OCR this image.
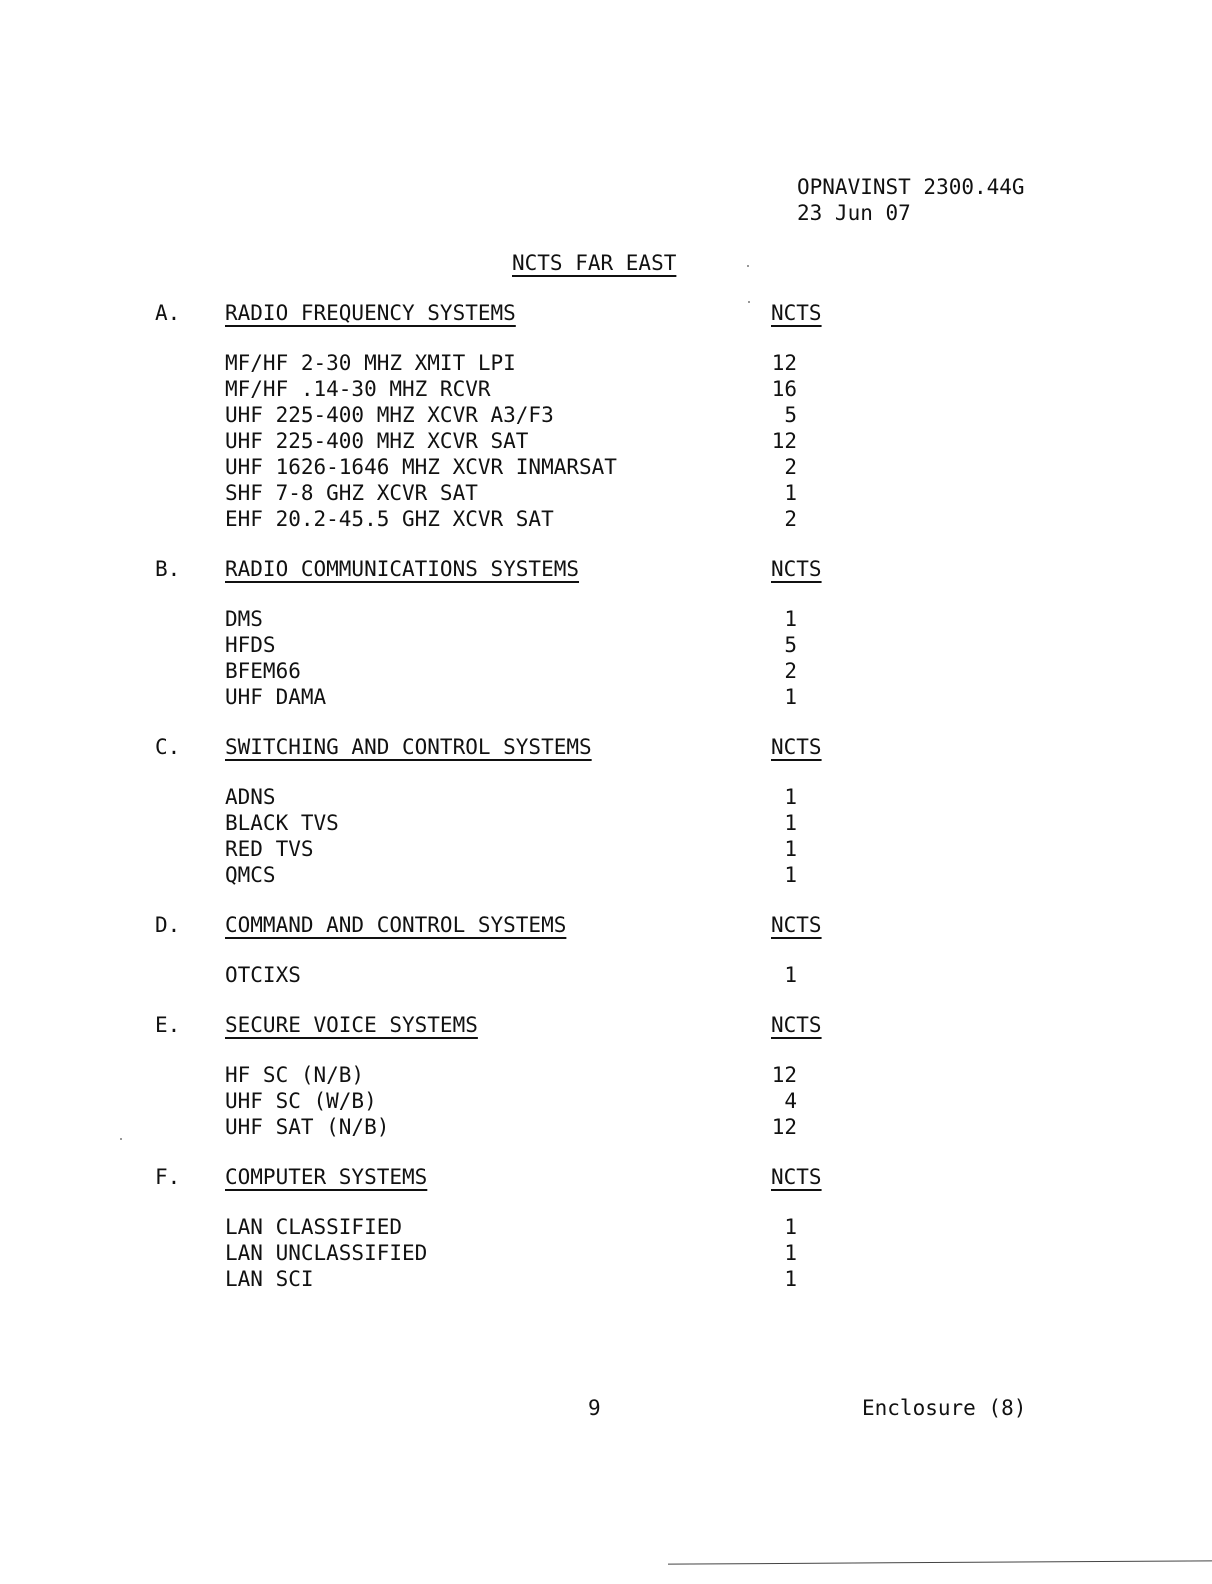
OPNAVINST 2300.44G
23 Jun 07
NCTS FAR EAST
A. RADIO FREQUENCY SYSTEMS	NCTS
MF/HF 2-30 MHZ XMIT LPI	12
MF/HF .14-30 MHZ RCVR	16
UHF 225-400 MHZ XCVR A3/F3	5
UHF 225-400 MHZ XCVR SAT	12
UHF 1626-1646 MHZ XCVR INMARSAT	2
SHF 7-8 GHZ XCVR SAT	1
EHF 20.2-45.5 GHZ XCVR SAT	2
B. RADIO COMMUNICATIONS SYSTEMS	NCTS
DMS	1
HFDS	5
BFEM66	2
UHF DAMA	1
C. SWITCHING AND CONTROL SYSTEMS	NCTS
ADNS	1
BLACK TVS	1
RED TVS	1
QMCS	1
D. COMMAND AND CONTROL SYSTEMS	NCTS
OTCIXS	1
E. SECURE VOICE SYSTEMS	NCTS
HF SC (N/B)	12
UHF SC (W/B)	4
UHF SAT (N/B)	12
F. COMPUTER SYSTEMS	NCTS
LAN CLASSIFIED	1
LAN UNCLASSIFIED	1
LAN SCI	1
9	Enclosure (8)
